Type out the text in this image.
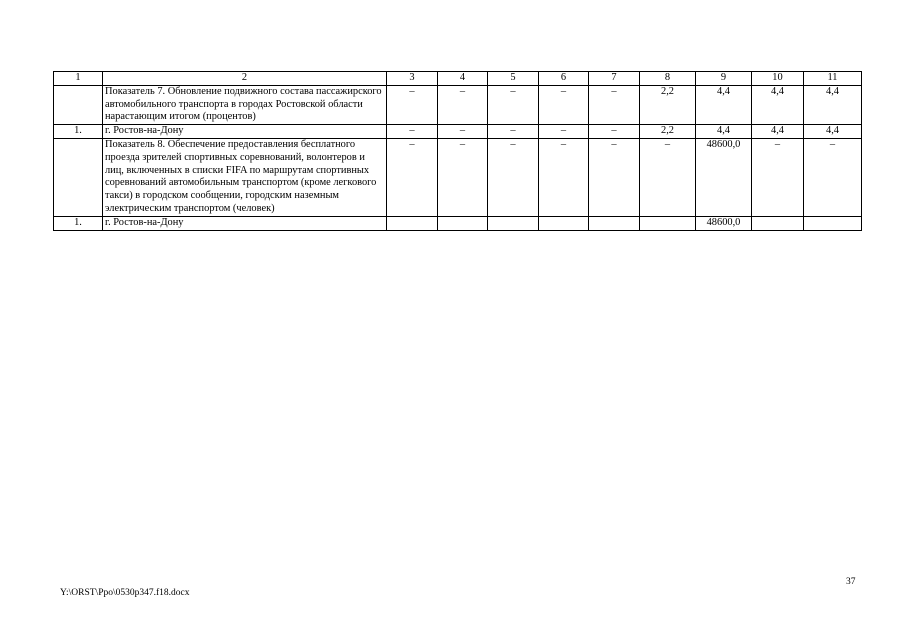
1	2	3	4	5	6	7	8	9	10	11
	Показатель 7. Обновление подвижного состава пассажирского автомобильного транспорта в городах Ростовской области нарастающим итогом (процентов)	–	–	–	–	–	2,2	4,4	4,4	4,4
1.	г. Ростов-на-Дону	–	–	–	–	–	2,2	4,4	4,4	4,4
	Показатель 8. Обеспечение предоставления бесплатного проезда зрителей спортивных соревнований, волонтеров и лиц, включенных в списки FIFA по маршрутам спортивных соревнований автомобильным транспортом (кроме легкового такси) в городском сообщении, городским наземным электрическим транспортом (человек)	–	–	–	–	–	–	48600,0	–	–
1.	г. Ростов-на-Дону							48600,0		
37
Y:\ORST\Ppo\0530p347.f18.docx
